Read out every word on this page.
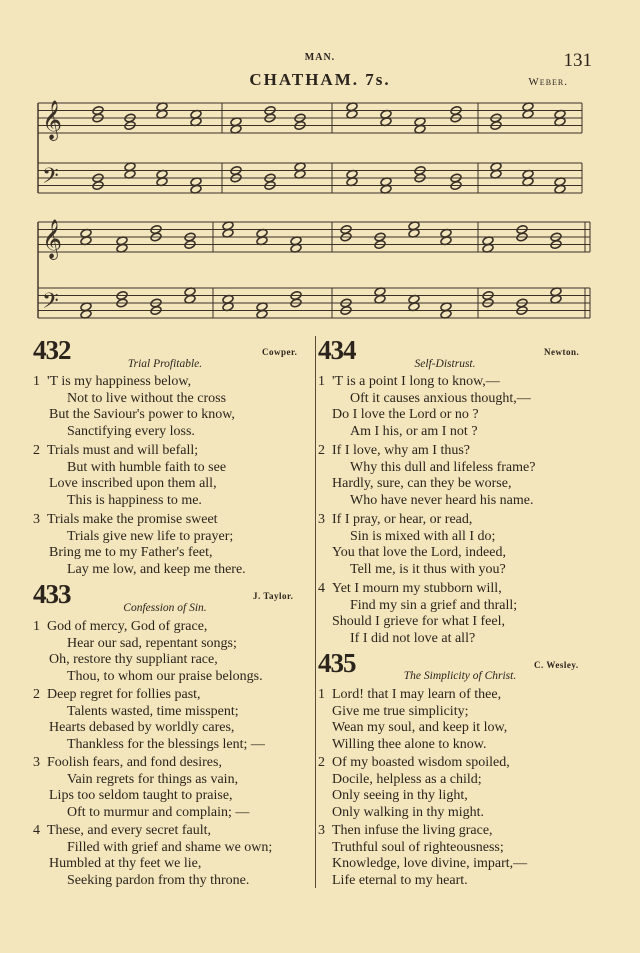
MAN.	131
CHATHAM. 7s.	Weber.
𝄞
𝄢
𝄞
𝄢
432	Cowper.
Trial Profitable.
1 'T is my happiness below,
Not to live without the cross
But the Saviour's power to know,
Sanctifying every loss.
2 Trials must and will befall;
But with humble faith to see
Love inscribed upon them all,
This is happiness to me.
3 Trials make the promise sweet
Trials give new life to prayer;
Bring me to my Father's feet,
Lay me low, and keep me there.
433	J. Taylor.
Confession of Sin.
1 God of mercy, God of grace,
Hear our sad, repentant songs;
Oh, restore thy suppliant race,
Thou, to whom our praise belongs.
2 Deep regret for follies past,
Talents wasted, time misspent;
Hearts debased by worldly cares,
Thankless for the blessings lent; —
3 Foolish fears, and fond desires,
Vain regrets for things as vain,
Lips too seldom taught to praise,
Oft to murmur and complain; —
4 These, and every secret fault,
Filled with grief and shame we own;
Humbled at thy feet we lie,
Seeking pardon from thy throne.
434	Newton.
Self-Distrust.
1 'T is a point I long to know,—
Oft it causes anxious thought,—
Do I love the Lord or no ?
Am I his, or am I not ?
2 If I love, why am I thus?
Why this dull and lifeless frame?
Hardly, sure, can they be worse,
Who have never heard his name.
3 If I pray, or hear, or read,
Sin is mixed with all I do;
You that love the Lord, indeed,
Tell me, is it thus with you?
4 Yet I mourn my stubborn will,
Find my sin a grief and thrall;
Should I grieve for what I feel,
If I did not love at all?
435	C. Wesley.
The Simplicity of Christ.
1 Lord! that I may learn of thee,
Give me true simplicity;
Wean my soul, and keep it low,
Willing thee alone to know.
2 Of my boasted wisdom spoiled,
Docile, helpless as a child;
Only seeing in thy light,
Only walking in thy might.
3 Then infuse the living grace,
Truthful soul of righteousness;
Knowledge, love divine, impart,—
Life eternal to my heart.
